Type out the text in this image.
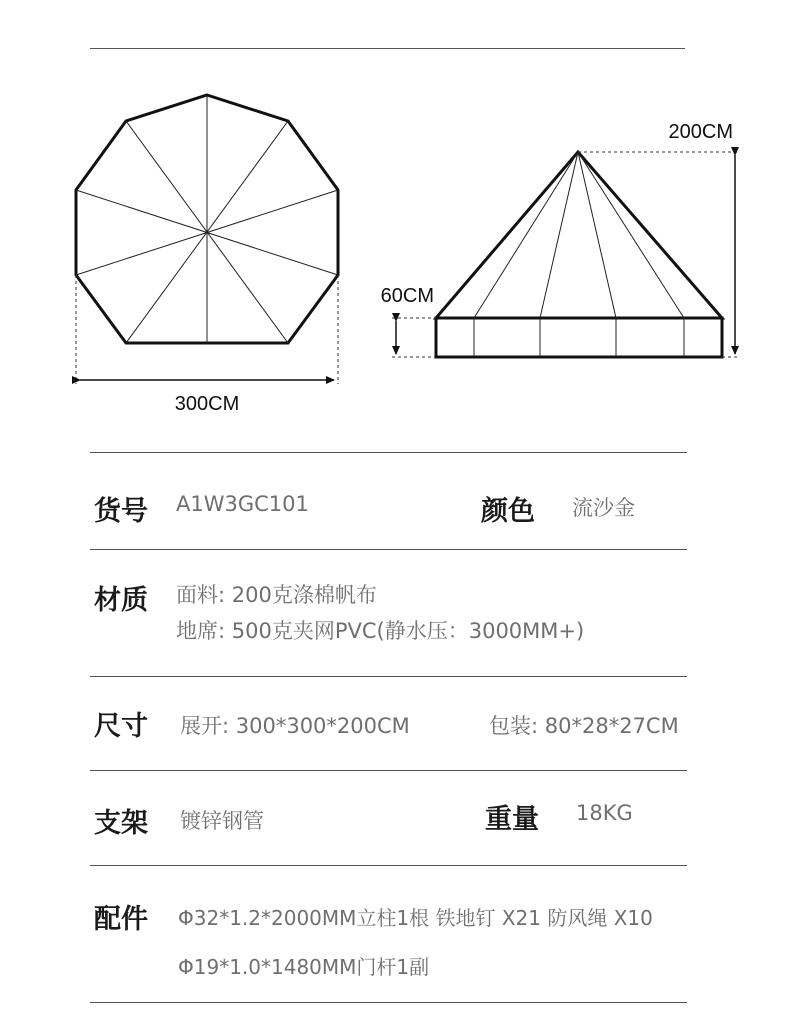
300CM
200CM
60CM
货号 A1W3GC101	颜色 流沙金
材质 面料: 200克涤棉帆布
地席: 500克夹网PVC(静水压：3000MM+)
尺寸 展开: 300*300*200CM	包装: 80*28*27CM
支架 镀锌钢管	重量 18KG
配件 Φ32*1.2*2000MM立柱1根 铁地钉 X21 防风绳 X10
Φ19*1.0*1480MM门杆1副
